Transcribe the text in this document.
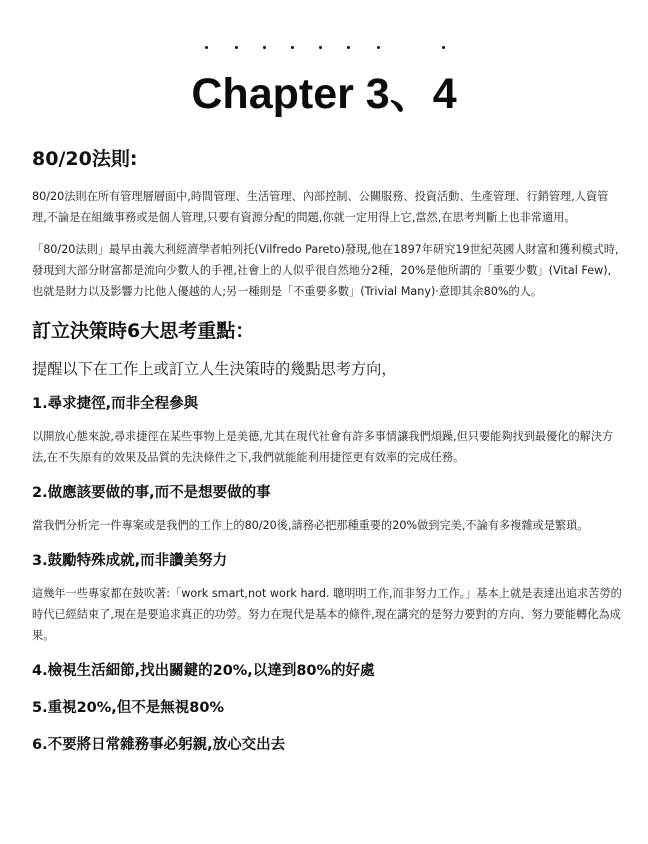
Chapter 3、4
80/20法則:

80/20法則在所有管理層層面中,時間管理、生活管理、內部控制、公關服務、投資活動、生產管理、行銷管理,人資管理,不論是在組織事務或是個人管理,只要有資源分配的問題,你就一定用得上它,當然,在思考判斷上也非常適用。

「80/20法則」最早由義大利經濟學者帕列托(Vilfredo Pareto)發現,他在1897年研究19世紀英國人財富和獲利模式時,發現到大部分財富都是流向少數人的手裡,社會上的人似乎很自然地分2種，20%是他所謂的「重要少數」(Vital Few),也就是財力以及影響力比他人優越的人;另一種則是「不重要多數」(Trivial Many)·意即其余80%的人。

訂立決策時6大思考重點：

提醒以下在工作上或訂立人生決策時的幾點思考方向，

1.尋求捷徑,而非全程參與

以開放心態來說,尋求捷徑在某些事物上是美德,尤其在現代社會有許多事情讓我們煩躁,但只要能夠找到最優化的解決方法,在不失原有的效果及品質的先決條件之下,我們就能能利用捷徑更有效率的完成任務。

2.做應該要做的事,而不是想要做的事

當我們分析完一件專案或是我們的工作上的80/20後,請務必把那種重要的20%做到完美,不論有多複雜或是繁瑣。

3.鼓勵特殊成就,而非讚美努力

這幾年一些專家都在鼓吹著:「work smart,not work hard. 聰明明工作,而非努力工作。」基本上就是表達出追求苦勞的時代已經結束了,現在是要追求真正的功勞。努力在現代是基本的條件,現在講究的是努力要對的方向、努力要能轉化為成果。

4.檢視生活細節,找出關鍵的20%,以達到80%的好處
5.重視20%,但不是無視80%
6.不要將日常雜務事必躬親,放心交出去
